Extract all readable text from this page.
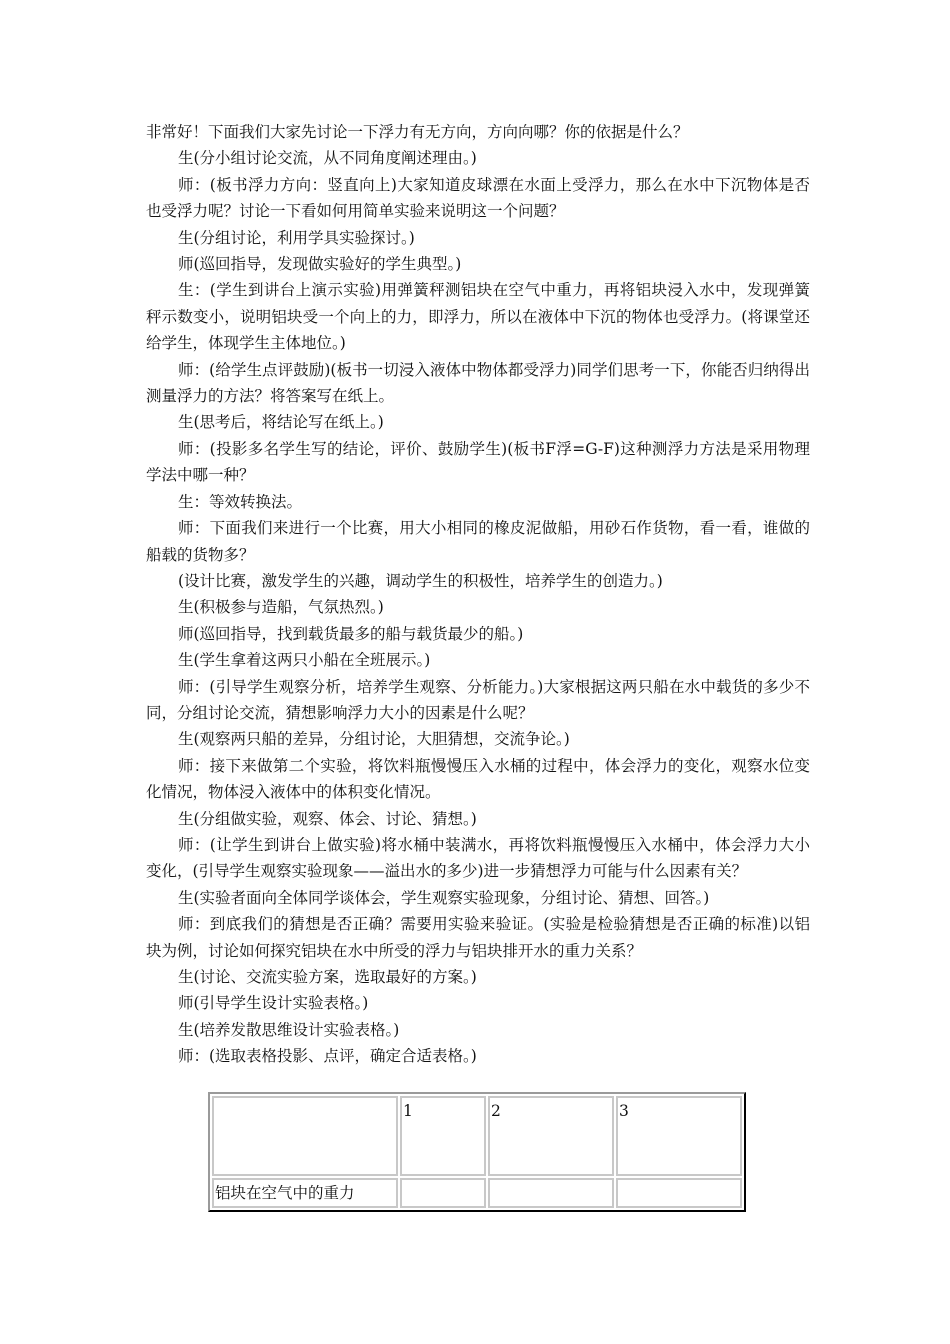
非常好！下面我们大家先讨论一下浮力有无方向，方向向哪？你的依据是什么？

生(分小组讨论交流，从不同角度阐述理由。)

师：(板书浮力方向：竖直向上)大家知道皮球漂在水面上受浮力，那么在水中下沉物体是否也受浮力呢？讨论一下看如何用简单实验来说明这一个问题？

生(分组讨论，利用学具实验探讨。)

师(巡回指导，发现做实验好的学生典型。)

生：(学生到讲台上演示实验)用弹簧秤测铝块在空气中重力，再将铝块浸入水中，发现弹簧秤示数变小，说明铝块受一个向上的力，即浮力，所以在液体中下沉的物体也受浮力。(将课堂还给学生，体现学生主体地位。)

师：(给学生点评鼓励)(板书一切浸入液体中物体都受浮力)同学们思考一下，你能否归纳得出测量浮力的方法？将答案写在纸上。

生(思考后，将结论写在纸上。)

师：(投影多名学生写的结论，评价、鼓励学生)(板书F浮=G-F)这种测浮力方法是采用物理学法中哪一种？

生：等效转换法。

师：下面我们来进行一个比赛，用大小相同的橡皮泥做船，用砂石作货物，看一看，谁做的船载的货物多？

(设计比赛，激发学生的兴趣，调动学生的积极性，培养学生的创造力。)

生(积极参与造船，气氛热烈。)

师(巡回指导，找到载货最多的船与载货最少的船。)

生(学生拿着这两只小船在全班展示。)

师：(引导学生观察分析，培养学生观察、分析能力。)大家根据这两只船在水中载货的多少不同，分组讨论交流，猜想影响浮力大小的因素是什么呢？

生(观察两只船的差异，分组讨论，大胆猜想，交流争论。)

师：接下来做第二个实验，将饮料瓶慢慢压入水桶的过程中，体会浮力的变化，观察水位变化情况，物体浸入液体中的体积变化情况。

生(分组做实验，观察、体会、讨论、猜想。)

师：(让学生到讲台上做实验)将水桶中装满水，再将饮料瓶慢慢压入水桶中，体会浮力大小变化，(引导学生观察实验现象——溢出水的多少)进一步猜想浮力可能与什么因素有关？

生(实验者面向全体同学谈体会，学生观察实验现象，分组讨论、猜想、回答。)

师：到底我们的猜想是否正确？需要用实验来验证。(实验是检验猜想是否正确的标准)以铝块为例，讨论如何探究铝块在水中所受的浮力与铝块排开水的重力关系？

生(讨论、交流实验方案，选取最好的方案。)

师(引导学生设计实验表格。)

生(培养发散思维设计实验表格。)

师：(选取表格投影、点评，确定合适表格。)

	1	2	3
铝块在空气中的重力			
